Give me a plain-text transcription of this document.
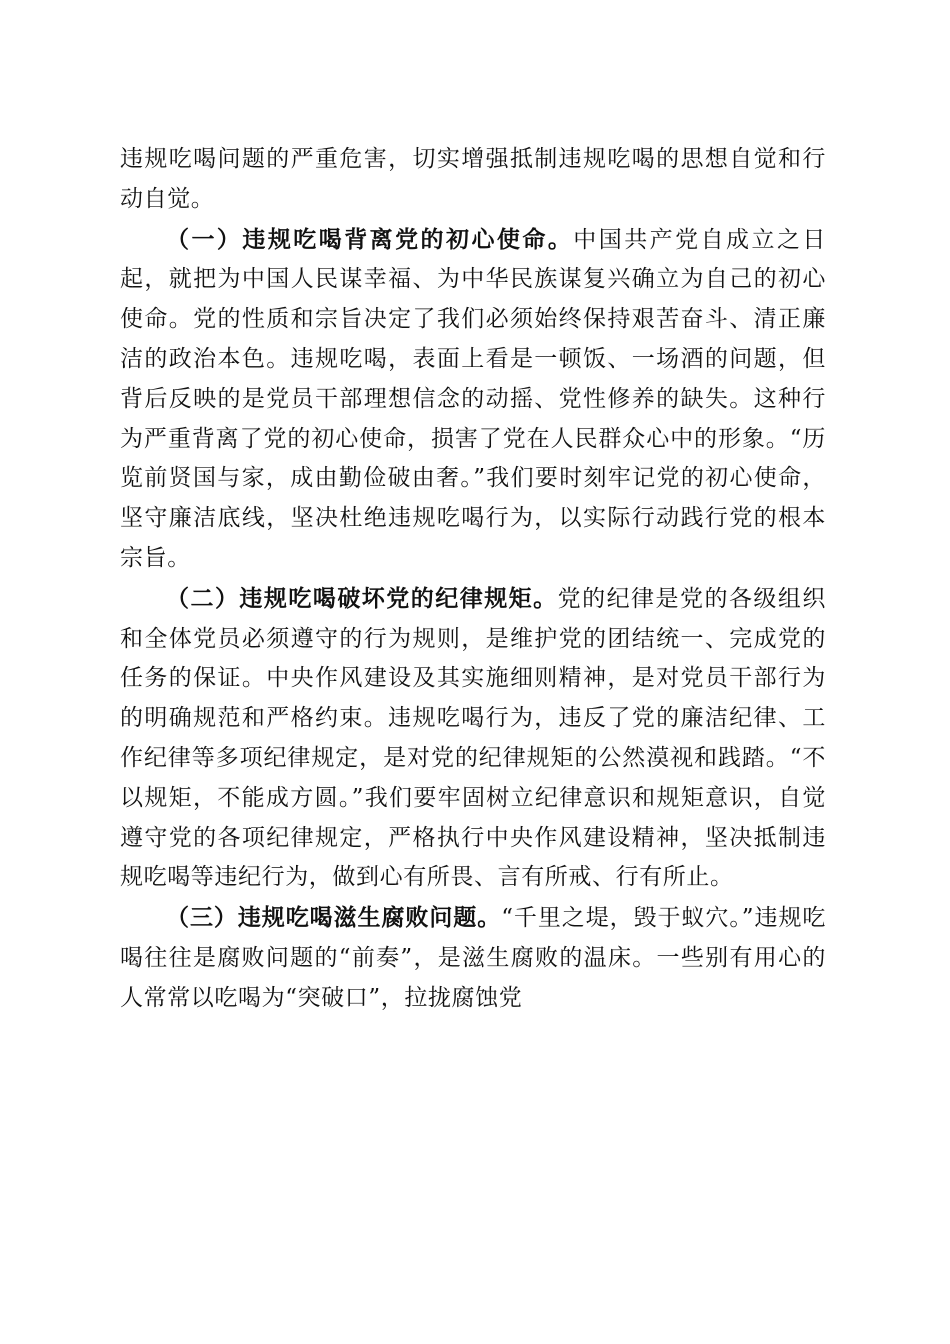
违规吃喝问题的严重危害，切实增强抵制违规吃喝的思想自觉和行动自觉。

（一）违规吃喝背离党的初心使命。中国共产党自成立之日起，就把为中国人民谋幸福、为中华民族谋复兴确立为自己的初心使命。党的性质和宗旨决定了我们必须始终保持艰苦奋斗、清正廉洁的政治本色。违规吃喝，表面上看是一顿饭、一场酒的问题，但背后反映的是党员干部理想信念的动摇、党性修养的缺失。这种行为严重背离了党的初心使命，损害了党在人民群众心中的形象。“历览前贤国与家，成由勤俭破由奢。”我们要时刻牢记党的初心使命，坚守廉洁底线，坚决杜绝违规吃喝行为，以实际行动践行党的根本宗旨。

（二）违规吃喝破坏党的纪律规矩。党的纪律是党的各级组织和全体党员必须遵守的行为规则，是维护党的团结统一、完成党的任务的保证。中央作风建设及其实施细则精神，是对党员干部行为的明确规范和严格约束。违规吃喝行为，违反了党的廉洁纪律、工作纪律等多项纪律规定，是对党的纪律规矩的公然漠视和践踏。“不以规矩，不能成方圆。”我们要牢固树立纪律意识和规矩意识，自觉遵守党的各项纪律规定，严格执行中央作风建设精神，坚决抵制违规吃喝等违纪行为，做到心有所畏、言有所戒、行有所止。

（三）违规吃喝滋生腐败问题。“千里之堤，毁于蚁穴。”违规吃喝往往是腐败问题的“前奏”，是滋生腐败的温床。一些别有用心的人常常以吃喝为“突破口”，拉拢腐蚀党
